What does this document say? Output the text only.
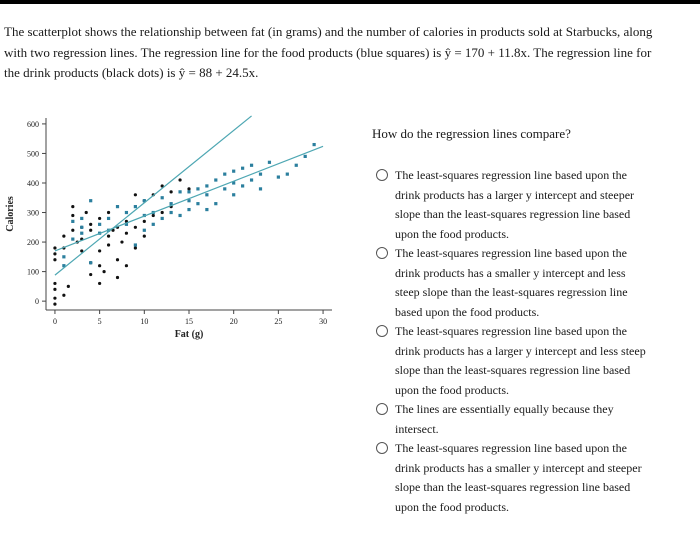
The scatterplot shows the relationship between fat (in grams) and the number of calories in products sold at Starbucks, along
with two regression lines. The regression line for the food products (blue squares) is ŷ = 170 + 11.8x. The regression line for
the drink products (black dots) is ŷ = 88 + 24.5x.
0
100
200
300
400
500
600
0	5	10	15	20	25	30
Fat (g)
Calories

How do the regression lines compare?

The least-squares regression line based upon the
drink products has a larger y intercept and steeper
slope than the least-squares regression line based
upon the food products.
The least-squares regression line based upon the
drink products has a smaller y intercept and less
steep slope than the least-squares regression line
based upon the food products.
The least-squares regression line based upon the
drink products has a larger y intercept and less steep
slope than the least-squares regression line based
upon the food products.
The lines are essentially equally because they
intersect.
The least-squares regression line based upon the
drink products has a smaller y intercept and steeper
slope than the least-squares regression line based
upon the food products.
